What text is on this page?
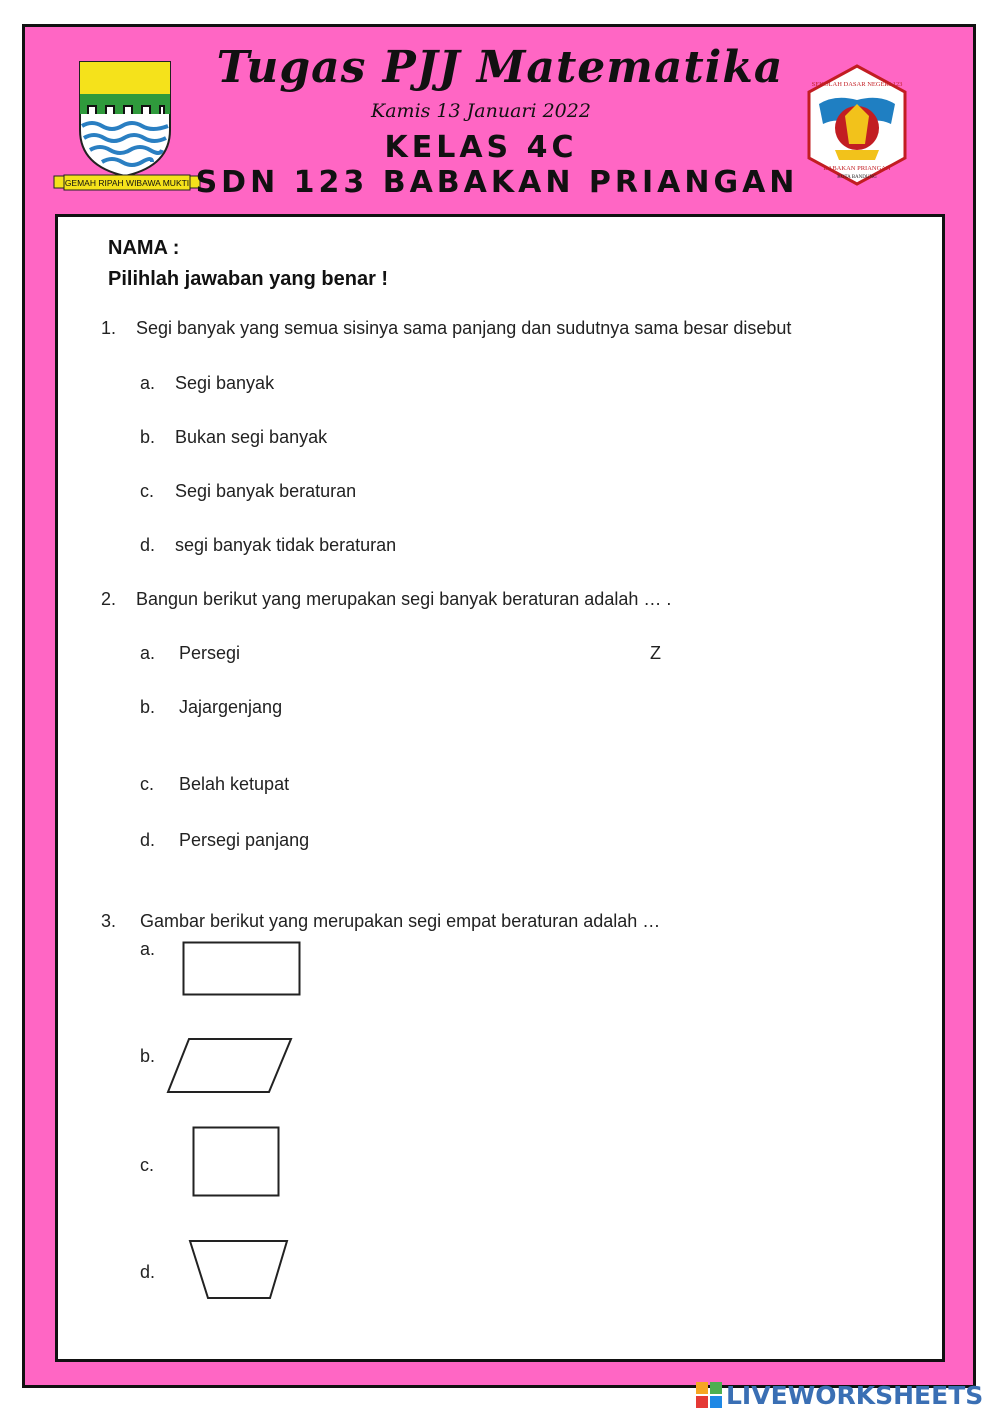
GEMAH RIPAH WIBAWA MUKTI
Tugas PJJ Matematika
Kamis 13 Januari 2022
KELAS 4C
SDN 123 BABAKAN PRIANGAN
SEKOLAH DASAR NEGERI 123
BABAKAN PRIANGAN
KOTA BANDUNG
NAMA :
Pilihlah jawaban yang benar !
1. Segi banyak yang semua sisinya sama panjang dan sudutnya sama besar disebut
a. Segi banyak
b. Bukan segi banyak
c. Segi banyak beraturan
d. segi banyak tidak beraturan
2. Bangun berikut yang merupakan segi banyak beraturan adalah … .
Z
a. Persegi
b. Jajargenjang
c. Belah ketupat
d. Persegi panjang
3. Gambar berikut yang merupakan segi empat beraturan adalah …
a.
b.
c.
d.
LIVEWORKSHEETS
